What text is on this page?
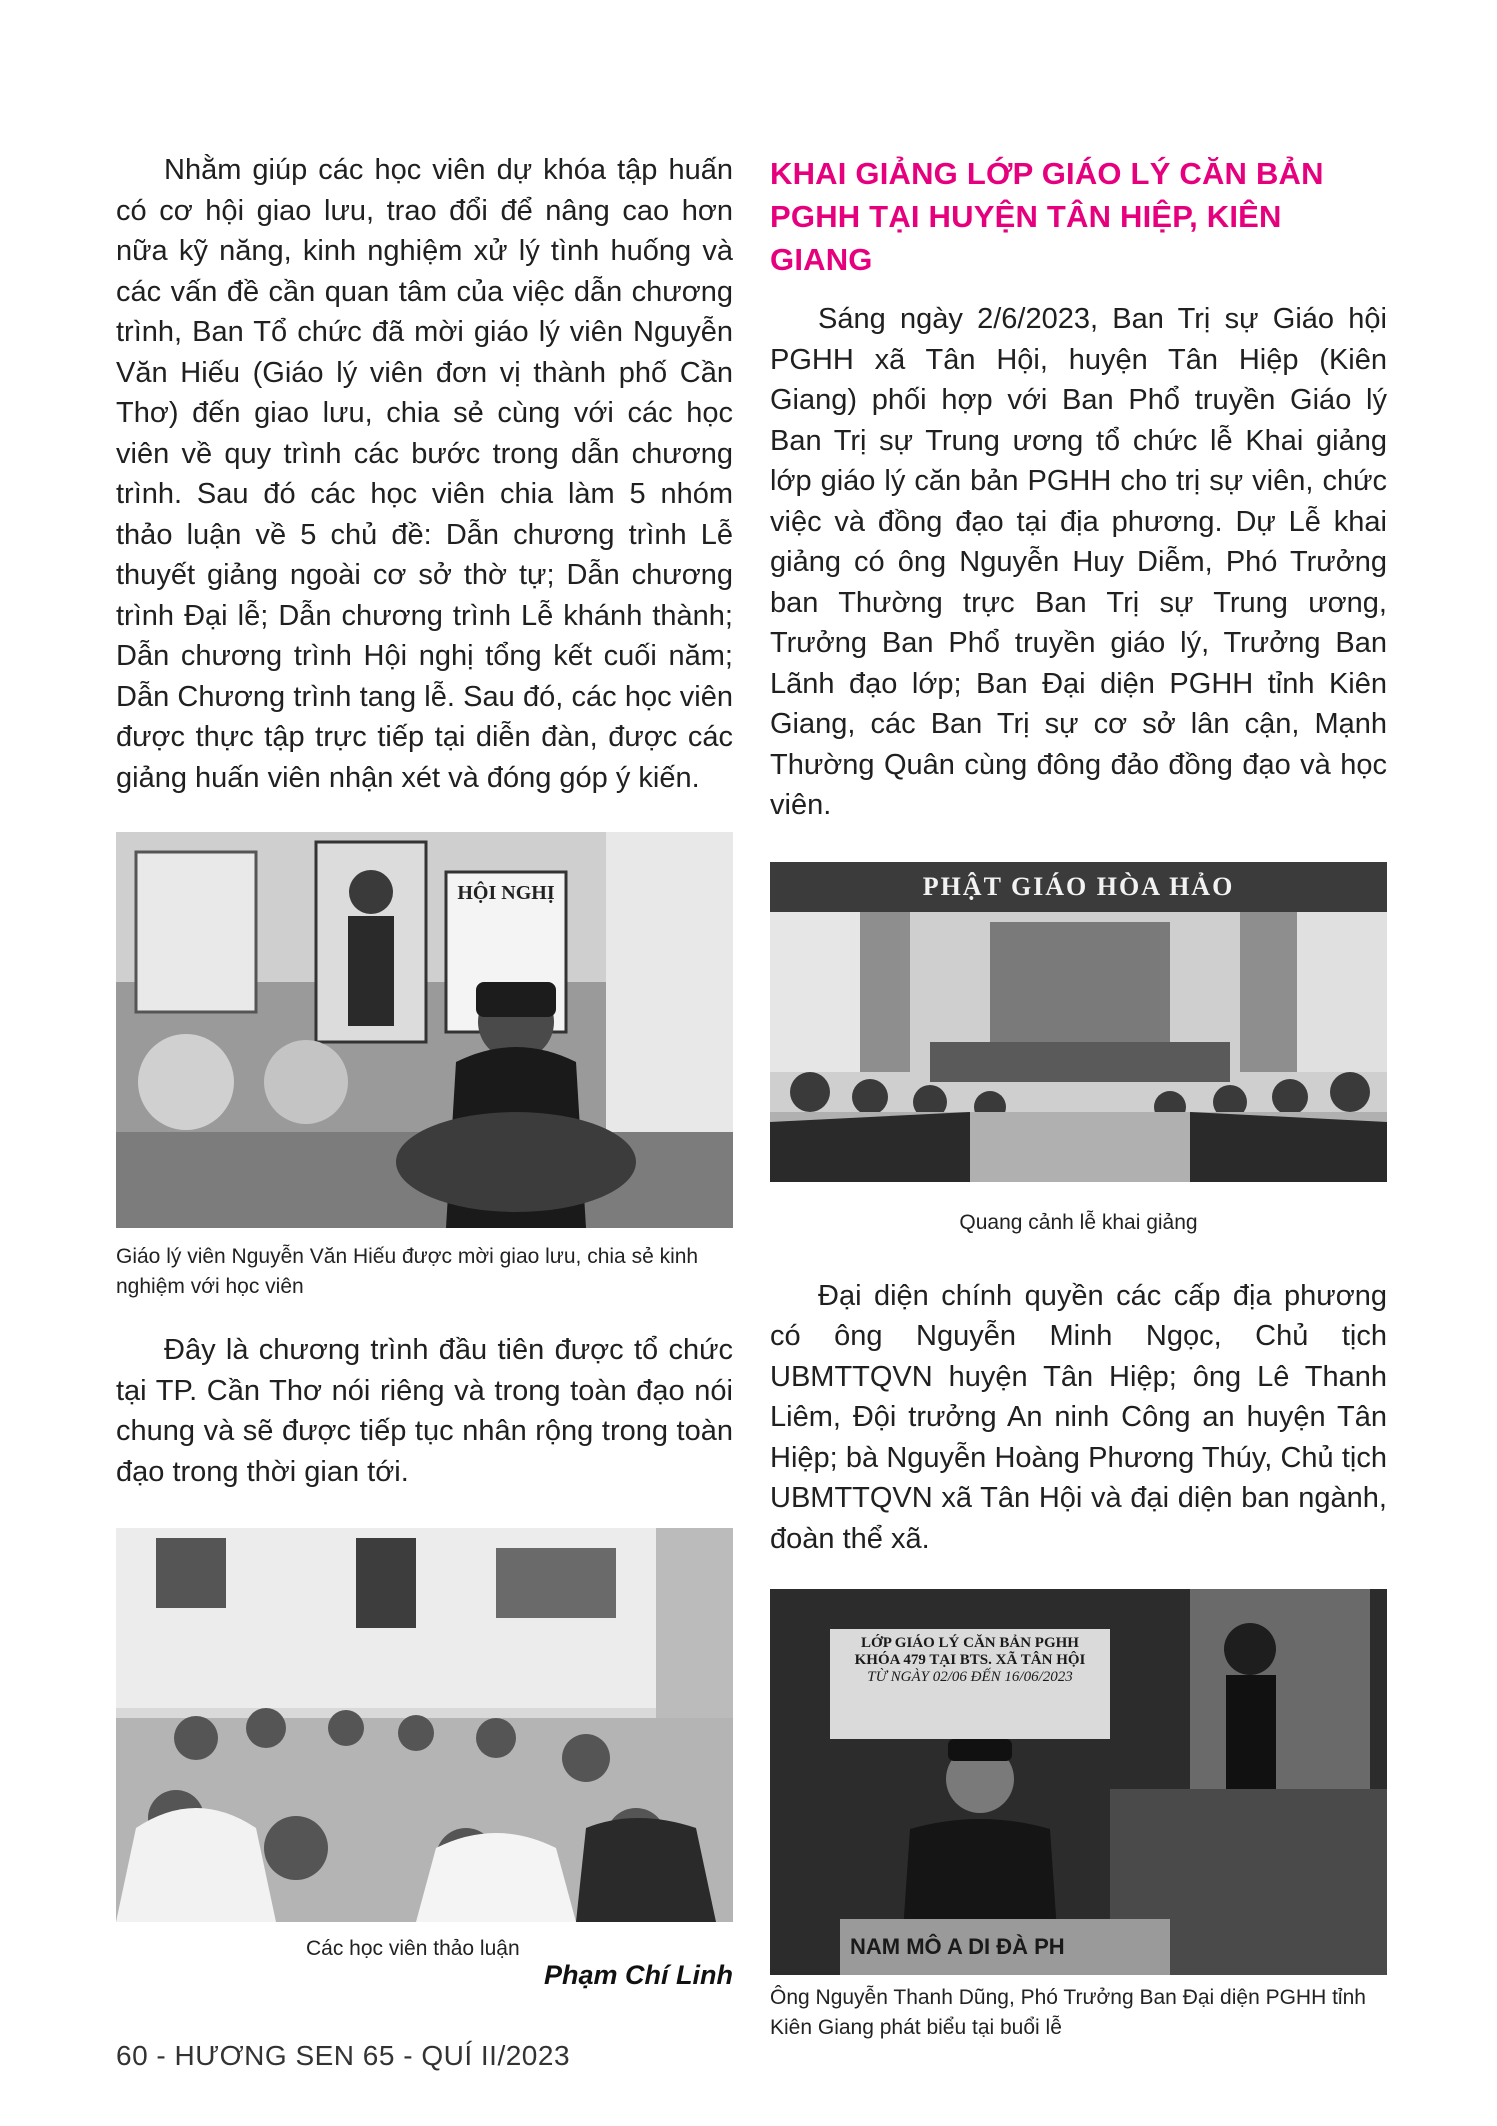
Nhằm giúp các học viên dự khóa tập huấn có cơ hội giao lưu, trao đổi để nâng cao hơn nữa kỹ năng, kinh nghiệm xử lý tình huống và các vấn đề cần quan tâm của việc dẫn chương trình, Ban Tổ chức đã mời giáo lý viên Nguyễn Văn Hiếu (Giáo lý viên đơn vị thành phố Cần Thơ) đến giao lưu, chia sẻ cùng với các học viên về quy trình các bước trong dẫn chương trình. Sau đó các học viên chia làm 5 nhóm thảo luận về 5 chủ đề: Dẫn chương trình Lễ thuyết giảng ngoài cơ sở thờ tự; Dẫn chương trình Đại lễ; Dẫn chương trình Lễ khánh thành; Dẫn chương trình Hội nghị tổng kết cuối năm; Dẫn Chương trình tang lễ. Sau đó, các học viên được thực tập trực tiếp tại diễn đàn, được các giảng huấn viên nhận xét và đóng góp ý kiến.

HỘI NGHỊ

Giáo lý viên Nguyễn Văn Hiếu được mời giao lưu, chia sẻ kinh nghiệm với học viên

Đây là chương trình đầu tiên được tổ chức tại TP. Cần Thơ nói riêng và trong toàn đạo nói chung và sẽ được tiếp tục nhân rộng trong toàn đạo trong thời gian tới.

Các học viên thảo luận

Phạm Chí Linh
KHAI GIẢNG LỚP GIÁO LÝ CĂN BẢN
PGHH TẠI HUYỆN TÂN HIỆP, KIÊN GIANG

Sáng ngày 2/6/2023, Ban Trị sự Giáo hội PGHH xã Tân Hội, huyện Tân Hiệp (Kiên Giang) phối hợp với Ban Phổ truyền Giáo lý Ban Trị sự Trung ương tổ chức lễ Khai giảng lớp giáo lý căn bản PGHH cho trị sự viên, chức việc và đồng đạo tại địa phương. Dự Lễ khai giảng có ông Nguyễn Huy Diễm, Phó Trưởng ban Thường trực Ban Trị sự Trung ương, Trưởng Ban Phổ truyền giáo lý, Trưởng Ban Lãnh đạo lớp; Ban Đại diện PGHH tỉnh Kiên Giang, các Ban Trị sự cơ sở lân cận, Mạnh Thường Quân cùng đông đảo đồng đạo và học viên.

PHẬT GIÁO HÒA HẢO

Quang cảnh lễ khai giảng

Đại diện chính quyền các cấp địa phương có ông Nguyễn Minh Ngọc, Chủ tịch UBMTTQVN huyện Tân Hiệp; ông Lê Thanh Liêm, Đội trưởng An ninh Công an huyện Tân Hiệp; bà Nguyễn Hoàng Phương Thúy, Chủ tịch UBMTTQVN xã Tân Hội và đại diện ban ngành, đoàn thể xã.

LỚP GIÁO LÝ CĂN BẢN PGHH
KHÓA 479 TẠI BTS. XÃ TÂN HỘI
TỪ NGÀY 02/06 ĐẾN 16/06/2023
NAM MÔ A DI ĐÀ PH

Ông Nguyễn Thanh Dũng, Phó Trưởng Ban Đại diện PGHH tỉnh Kiên Giang phát biểu tại buổi lễ

60 - HƯƠNG SEN 65 - QUÍ II/2023
